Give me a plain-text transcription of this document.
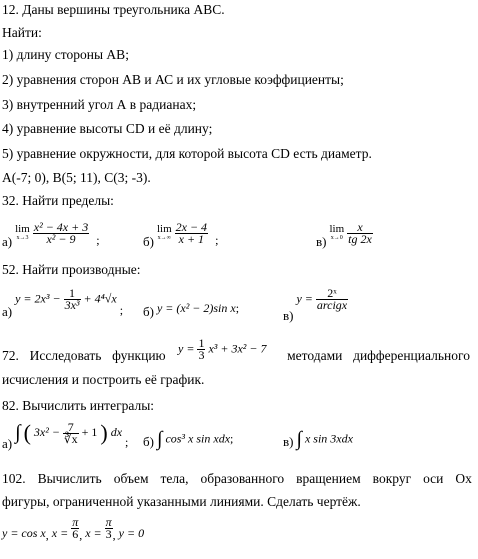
12. Даны вершины треугольника АВС.
Найти:
1) длину стороны АВ;
2) уравнения сторон АВ и АС и их угловые коэффициенты;
3) внутренний угол А в радианах;
4) уравнение высоты CD и её длину;
5) уравнение окружности, для которой высота CD есть диаметр.
А(-7; 0), В(5; 11), С(3; -3).
32. Найти пределы:
а)
lim
x→3
$\frac{\text{x² − 4x + 3}}{\text{x² − 9}}$ ;	б)
lim
x→∞
$\frac{2x - 4}{x + 1}$ ;	в)
lim
x→0
$\frac{x}{tg 2x}$
52. Найти производные:
а) $y = 2x^3 - \frac{1}{\text{3x³}} + 4^4√x$ ; б) y = (x² − 2)sin x;
в) $y = \frac{\text{2ˣ}}{\text{arcigx}}$
72. Исследовать функцию	методами дифференциального
$y = \frac{1}{3} x^3 + 3x^2 - 7$
исчисления и построить её график.
82. Вычислить интегралы:
а) ∫ ( $3x^2 - \frac{7}{∛x} + 1$ ) dx ; б) ∫ cos³ x sin xdx;	в) ∫ x sin 3xdx
102. Вычислить объем тела, образованного вращением вокруг оси Ох
фигуры, ограниченной указанными линиями. Сделать чертёж.
y = cos x, $x = \frac{\pi}{6}$ , $x = \frac{\pi}{3}$ , y = 0
